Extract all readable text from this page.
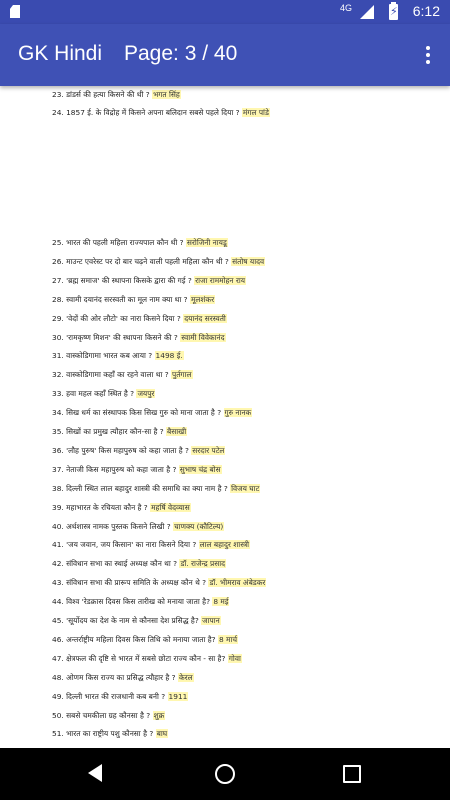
4G	⚡ 6:12
GK Hindi Page: 3 / 40
23. डांडर्स की हत्या किसने की थी ? भगत सिंह
24. 1857 ई. के विद्रोह में किसने अपना बलिदान सबसे पहले दिया ? मंगल पांडे
25. भारत की पहली महिला राज्यपाल कौन थी ? सरोजिनी नायडू
26. माउन्ट एवरेस्ट पर दो बार चढ़ने वाली पहली महिला कौन थी ? संतोष यादव
27. 'ब्रह्म समाज' की स्थापना किसके द्वारा की गई ? राजा राममोहन राय
28. स्वामी दयानंद सरस्वती का मूल नाम क्या था ? मूलशंकर
29. 'वेदों की ओर लौटो' का नारा किसने दिया ? दयानंद सरस्वती
30. 'रामकृष्ण मिशन' की स्थापना किसने की ? स्वामी विवेकानंद
31. वास्कोडिगामा भारत कब आया ? 1498 ई.
32. वास्कोडिगामा कहाँ का रहने वाला था ? पुर्तगाल
33. हवा महल कहाँ स्थित है ? जयपुर
34. सिख धर्म का संस्थापक किस सिख गुरु को माना जाता है ? गुरु नानक
35. सिखों का प्रमुख त्यौहार कौन-सा है ? बैसाखी
36. 'लौह पुरुष' किस महापुरुष को कहा जाता है ? सरदार पटेल
37. नेताजी किस महापुरुष को कहा जाता है ? सुभाष चंद्र बोस
38. दिल्ली स्थित लाल बहादुर शास्त्री की समाधि का क्या नाम है ? विजय घाट
39. महाभारत के रचियता कौन है ? महर्षि वेदव्यास
40. अर्थशास्त्र नामक पुस्तक किसने लिखी ? चाणक्य (कौटिल्य)
41. 'जय जवान, जय किसान' का नारा किसने दिया ? लाल बहादुर शास्त्री
42. संविधान सभा का स्थाई अध्यक्ष कौन था ? डॉ. राजेन्द्र प्रसाद
43. संविधान सभा की प्रारूप समिति के अध्यक्ष कौन थे ? डॉ. भीमराव अंबेडकर
44. विश्व 'रेडक्रास दिवस किस तारीख को मनाया जाता है? 8 मई
45. 'सूर्योदय का देश के नाम से कौनसा देश प्रसिद्ध है? जापान
46. अन्तर्राष्ट्रीय महिला दिवस किस तिथि को मनाया जाता है? 8 मार्च
47. क्षेत्रफल की दृष्टि से भारत में सबसे छोटा राज्य कौन - सा है? गोवा
48. ओणम किस राज्य का प्रसिद्ध त्यौहार है ? केरल
49. दिल्ली भारत की राजधानी कब बनी ? 1911
50. सबसे चमकीला ग्रह कौनसा है ? शुक्र
51. भारत का राष्ट्रीय पशु कौनसा है ? बाघ
